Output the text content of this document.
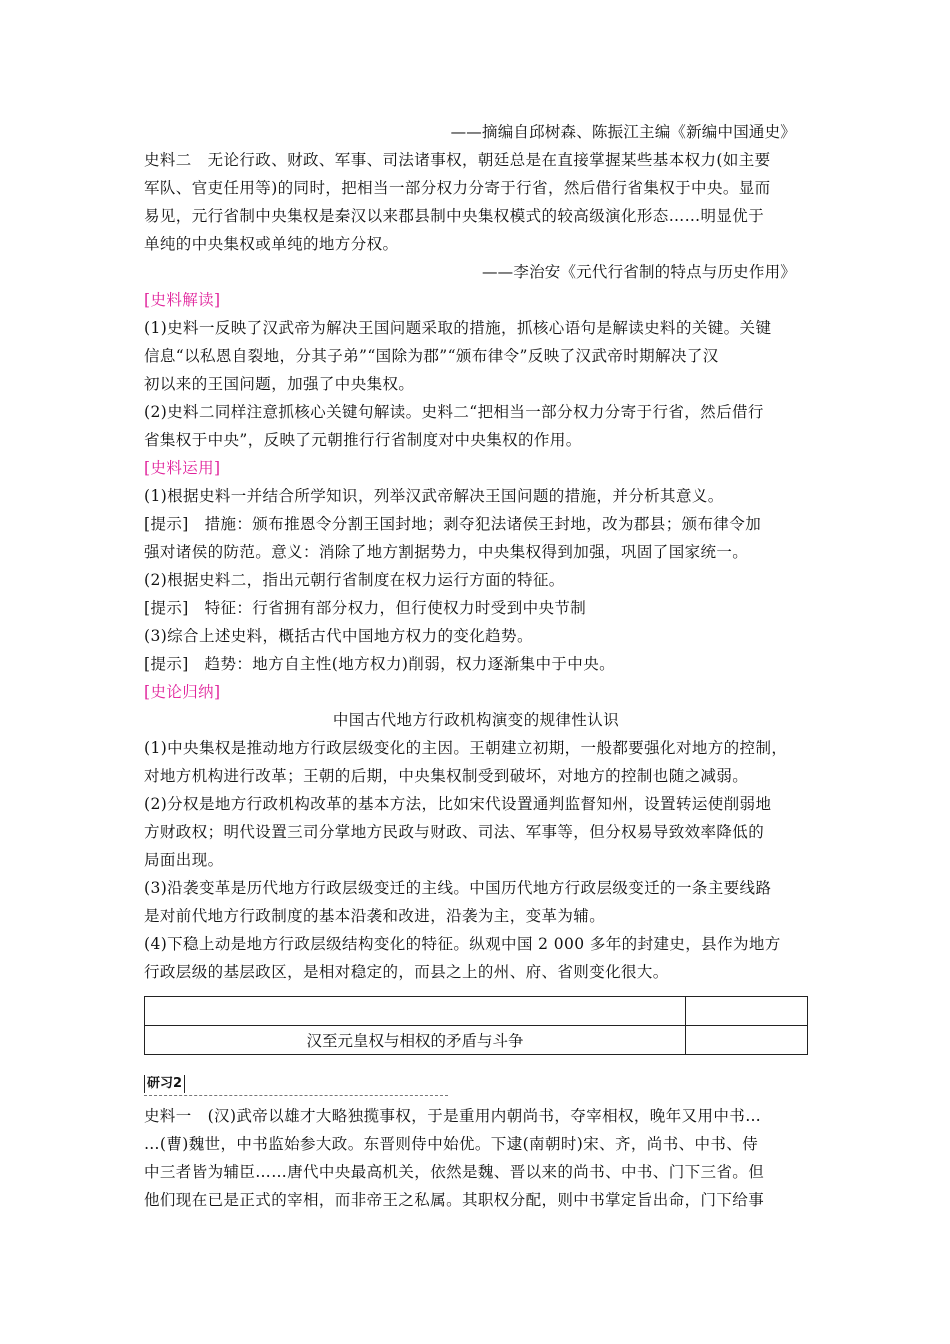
——摘编自邱树森、陈振江主编《新编中国通史》
史料二　无论行政、财政、军事、司法诸事权，朝廷总是在直接掌握某些基本权力(如主要
军队、官吏任用等)的同时，把相当一部分权力分寄于行省，然后借行省集权于中央。显而
易见，元行省制中央集权是秦汉以来郡县制中央集权模式的较高级演化形态……明显优于
单纯的中央集权或单纯的地方分权。
——李治安《元代行省制的特点与历史作用》
[史料解读]
(1)史料一反映了汉武帝为解决王国问题采取的措施，抓核心语句是解读史料的关键。关键
信息“以私恩自裂地，分其子弟”“国除为郡”“颁布律令”反映了汉武帝时期解决了汉
初以来的王国问题，加强了中央集权。
(2)史料二同样注意抓核心关键句解读。史料二“把相当一部分权力分寄于行省，然后借行
省集权于中央”，反映了元朝推行行省制度对中央集权的作用。
[史料运用]
(1)根据史料一并结合所学知识，列举汉武帝解决王国问题的措施，并分析其意义。
[提示]　措施：颁布推恩令分割王国封地；剥夺犯法诸侯王封地，改为郡县；颁布律令加
强对诸侯的防范。意义：消除了地方割据势力，中央集权得到加强，巩固了国家统一。
(2)根据史料二，指出元朝行省制度在权力运行方面的特征。
[提示]　特征：行省拥有部分权力，但行使权力时受到中央节制
(3)综合上述史料，概括古代中国地方权力的变化趋势。
[提示]　趋势：地方自主性(地方权力)削弱，权力逐渐集中于中央。
[史论归纳]
中国古代地方行政机构演变的规律性认识
(1)中央集权是推动地方行政层级变化的主因。王朝建立初期，一般都要强化对地方的控制，
对地方机构进行改革；王朝的后期，中央集权制受到破坏，对地方的控制也随之减弱。
(2)分权是地方行政机构改革的基本方法，比如宋代设置通判监督知州，设置转运使削弱地
方财政权；明代设置三司分掌地方民政与财政、司法、军事等，但分权易导致效率降低的
局面出现。
(3)沿袭变革是历代地方行政层级变迁的主线。中国历代地方行政层级变迁的一条主要线路
是对前代地方行政制度的基本沿袭和改进，沿袭为主，变革为辅。
(4)下稳上动是地方行政层级结构变化的特征。纵观中国 2 000 多年的封建史，县作为地方
行政层级的基层政区，是相对稳定的，而县之上的州、府、省则变化很大。

汉至元皇权与相权的矛盾与斗争	
研习2
史料一　(汉)武帝以雄才大略独揽事权，于是重用内朝尚书，夺宰相权，晚年又用中书…
…(曹)魏世，中书监始参大政。东晋则侍中始优。下逮(南朝时)宋、齐，尚书、中书、侍
中三者皆为辅臣……唐代中央最高机关，依然是魏、晋以来的尚书、中书、门下三省。但
他们现在已是正式的宰相，而非帝王之私属。其职权分配，则中书掌定旨出命，门下给事
